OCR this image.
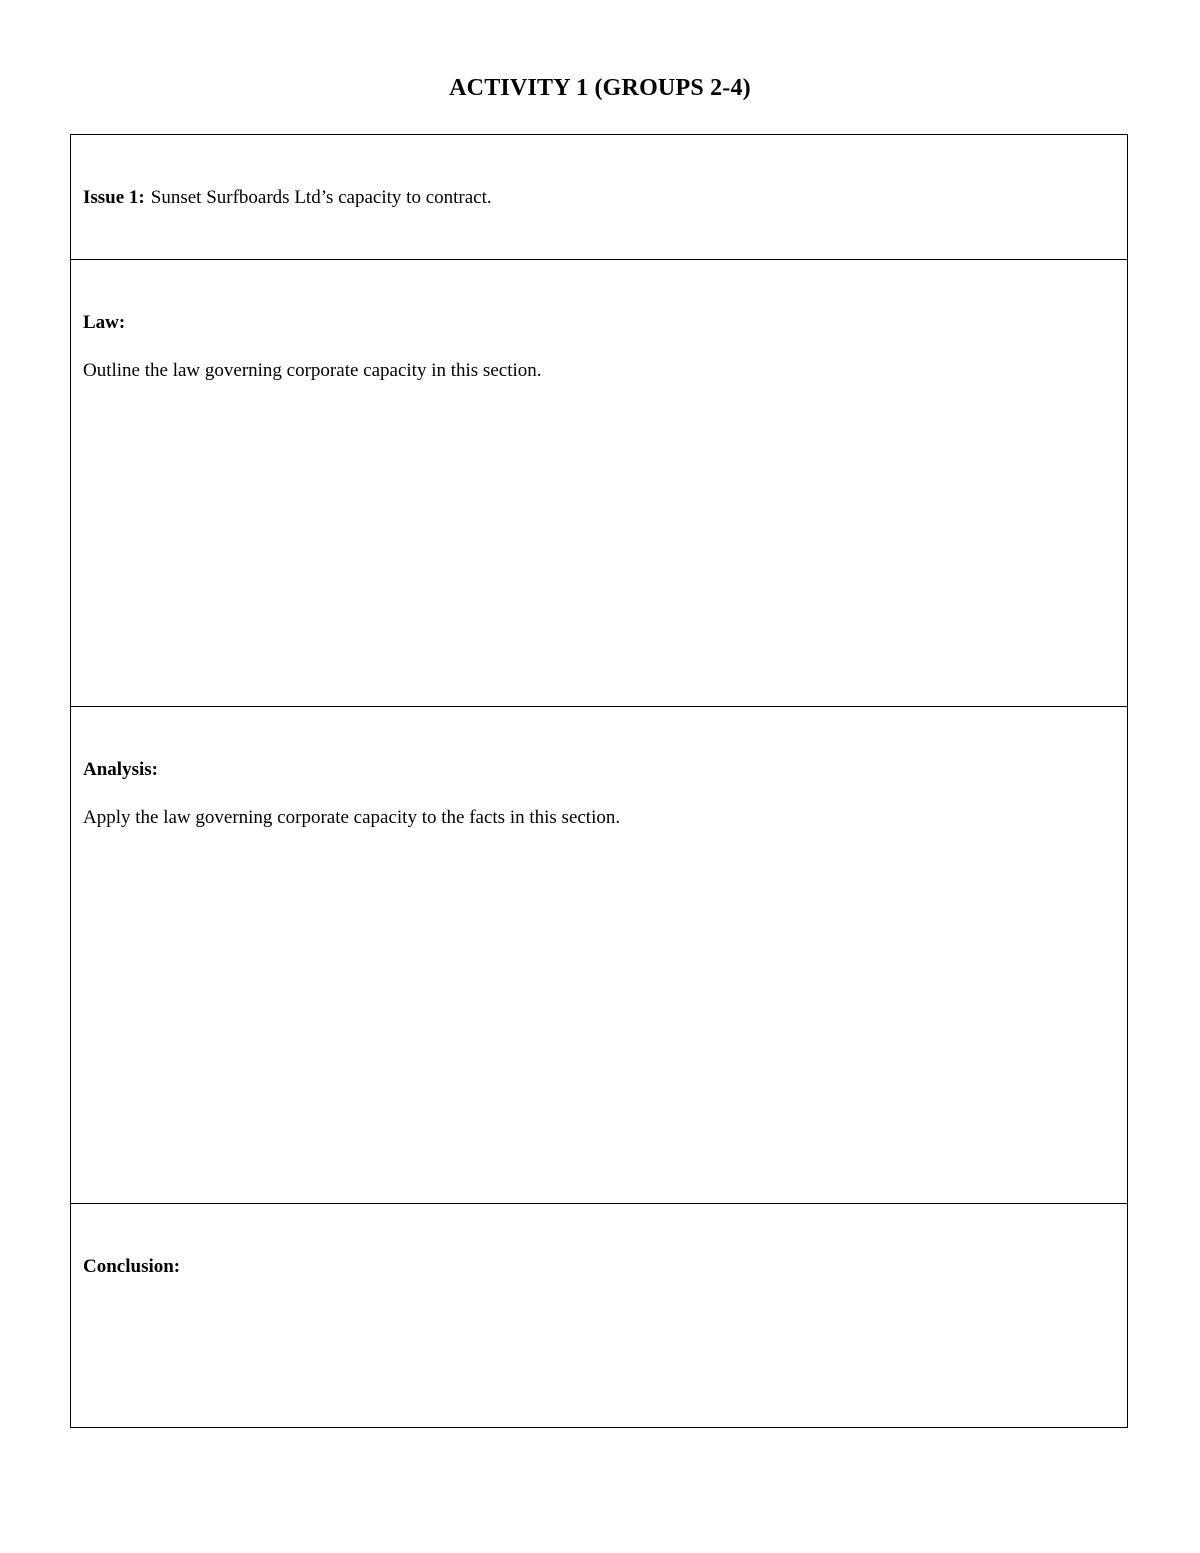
ACTIVITY 1 (GROUPS 2-4)
Issue 1: Sunset Surfboards Ltd’s capacity to contract.

Law:
Outline the law governing corporate capacity in this section.

Analysis:
Apply the law governing corporate capacity to the facts in this section.

Conclusion:
